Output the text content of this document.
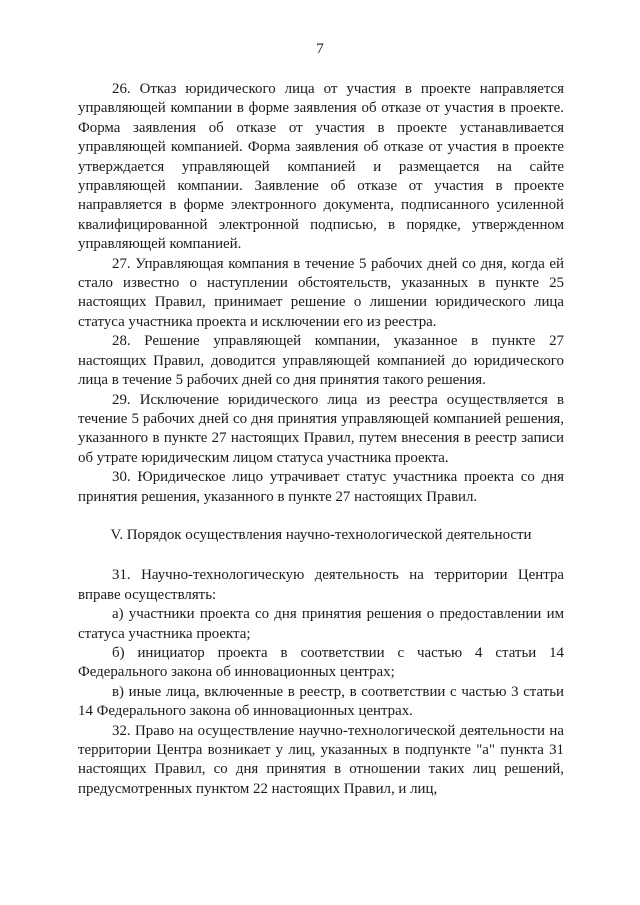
7

26. Отказ юридического лица от участия в проекте направляется управляющей компании в форме заявления об отказе от участия в проекте. Форма заявления об отказе от участия в проекте устанавливается управляющей компанией. Форма заявления об отказе от участия в проекте утверждается управляющей компанией и размещается на сайте управляющей компании. Заявление об отказе от участия в проекте направляется в форме электронного документа, подписанного усиленной квалифицированной электронной подписью, в порядке, утвержденном управляющей компанией.

27. Управляющая компания в течение 5 рабочих дней со дня, когда ей стало известно о наступлении обстоятельств, указанных в пункте 25 настоящих Правил, принимает решение о лишении юридического лица статуса участника проекта и исключении его из реестра.

28. Решение управляющей компании, указанное в пункте 27 настоящих Правил, доводится управляющей компанией до юридического лица в течение 5 рабочих дней со дня принятия такого решения.

29. Исключение юридического лица из реестра осуществляется в течение 5 рабочих дней со дня принятия управляющей компанией решения, указанного в пункте 27 настоящих Правил, путем внесения в реестр записи об утрате юридическим лицом статуса участника проекта.

30. Юридическое лицо утрачивает статус участника проекта со дня принятия решения, указанного в пункте 27 настоящих Правил.

V. Порядок осуществления научно-технологической деятельности

31. Научно-технологическую деятельность на территории Центра вправе осуществлять:

а) участники проекта со дня принятия решения о предоставлении им статуса участника проекта;

б) инициатор проекта в соответствии с частью 4 статьи 14 Федерального закона об инновационных центрах;

в) иные лица, включенные в реестр, в соответствии с частью 3 статьи 14 Федерального закона об инновационных центрах.

32. Право на осуществление научно-технологической деятельности на территории Центра возникает у лиц, указанных в подпункте "а" пункта 31 настоящих Правил, со дня принятия в отношении таких лиц решений, предусмотренных пунктом 22 настоящих Правил, и лиц,
